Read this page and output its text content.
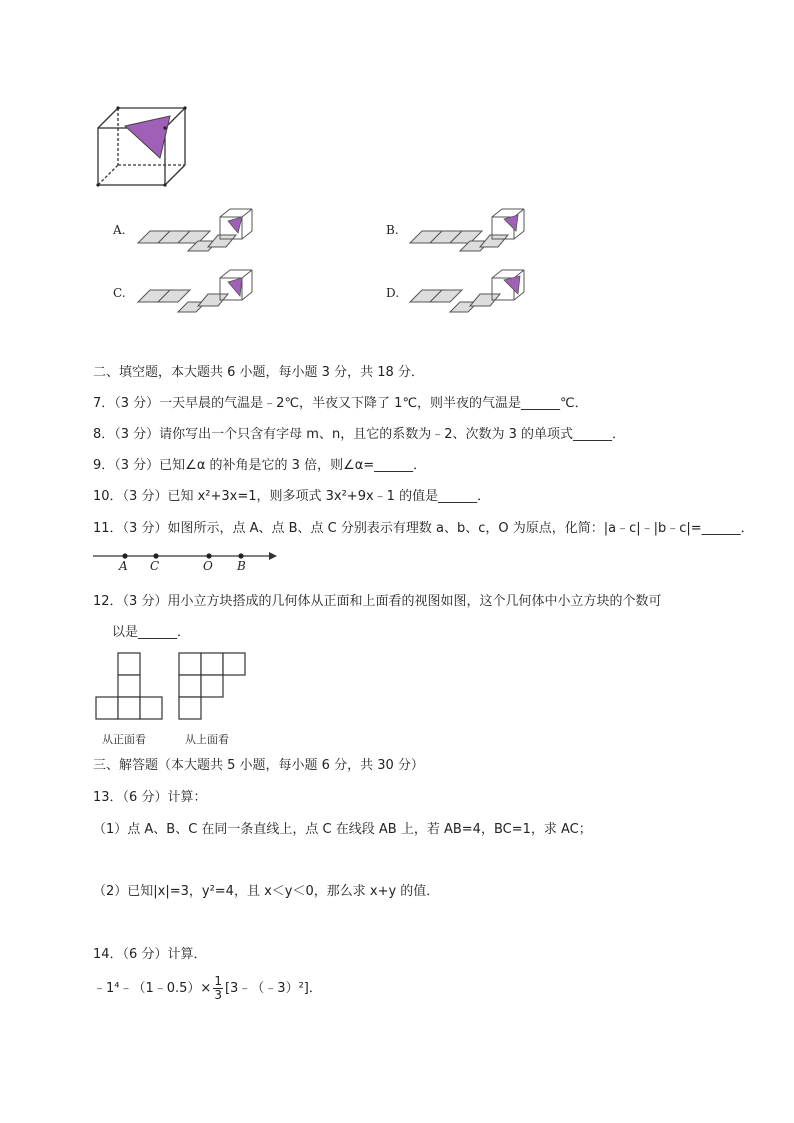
A.	B.
C.	D.
二、填空题，本大题共 6 小题，每小题 3 分，共 18 分．
7．（3 分）一天早晨的气温是﹣2℃，半夜又下降了 1℃，则半夜的气温是______℃．
8．（3 分）请你写出一个只含有字母 m、n，且它的系数为﹣2、次数为 3 的单项式______．
9．（3 分）已知∠α 的补角是它的 3 倍，则∠α=______．
10．（3 分）已知 x²+3x=1，则多项式 3x²+9x﹣1 的值是______．
11．（3 分）如图所示，点 A、点 B、点 C 分别表示有理数 a、b、c，O 为原点，化简：|a﹣c|﹣|b﹣c|=______．
A C	O B
12．（3 分）用小立方块搭成的几何体从正面和上面看的视图如图，这个几何体中小立方块的个数可
以是______．
从正面看	从上面看
三、解答题（本大题共 5 小题，每小题 6 分，共 30 分）
13．（6 分）计算：
（1）点 A、B、C 在同一条直线上，点 C 在线段 AB 上，若 AB=4，BC=1，求 AC；
（2）已知|x|=3，y²=4，且 x＜y＜0，那么求 x+y 的值．
14．（6 分）计算．
﹣1⁴﹣（1﹣0.5）× $\frac{1}{3}$ [3﹣（﹣3）²]．
